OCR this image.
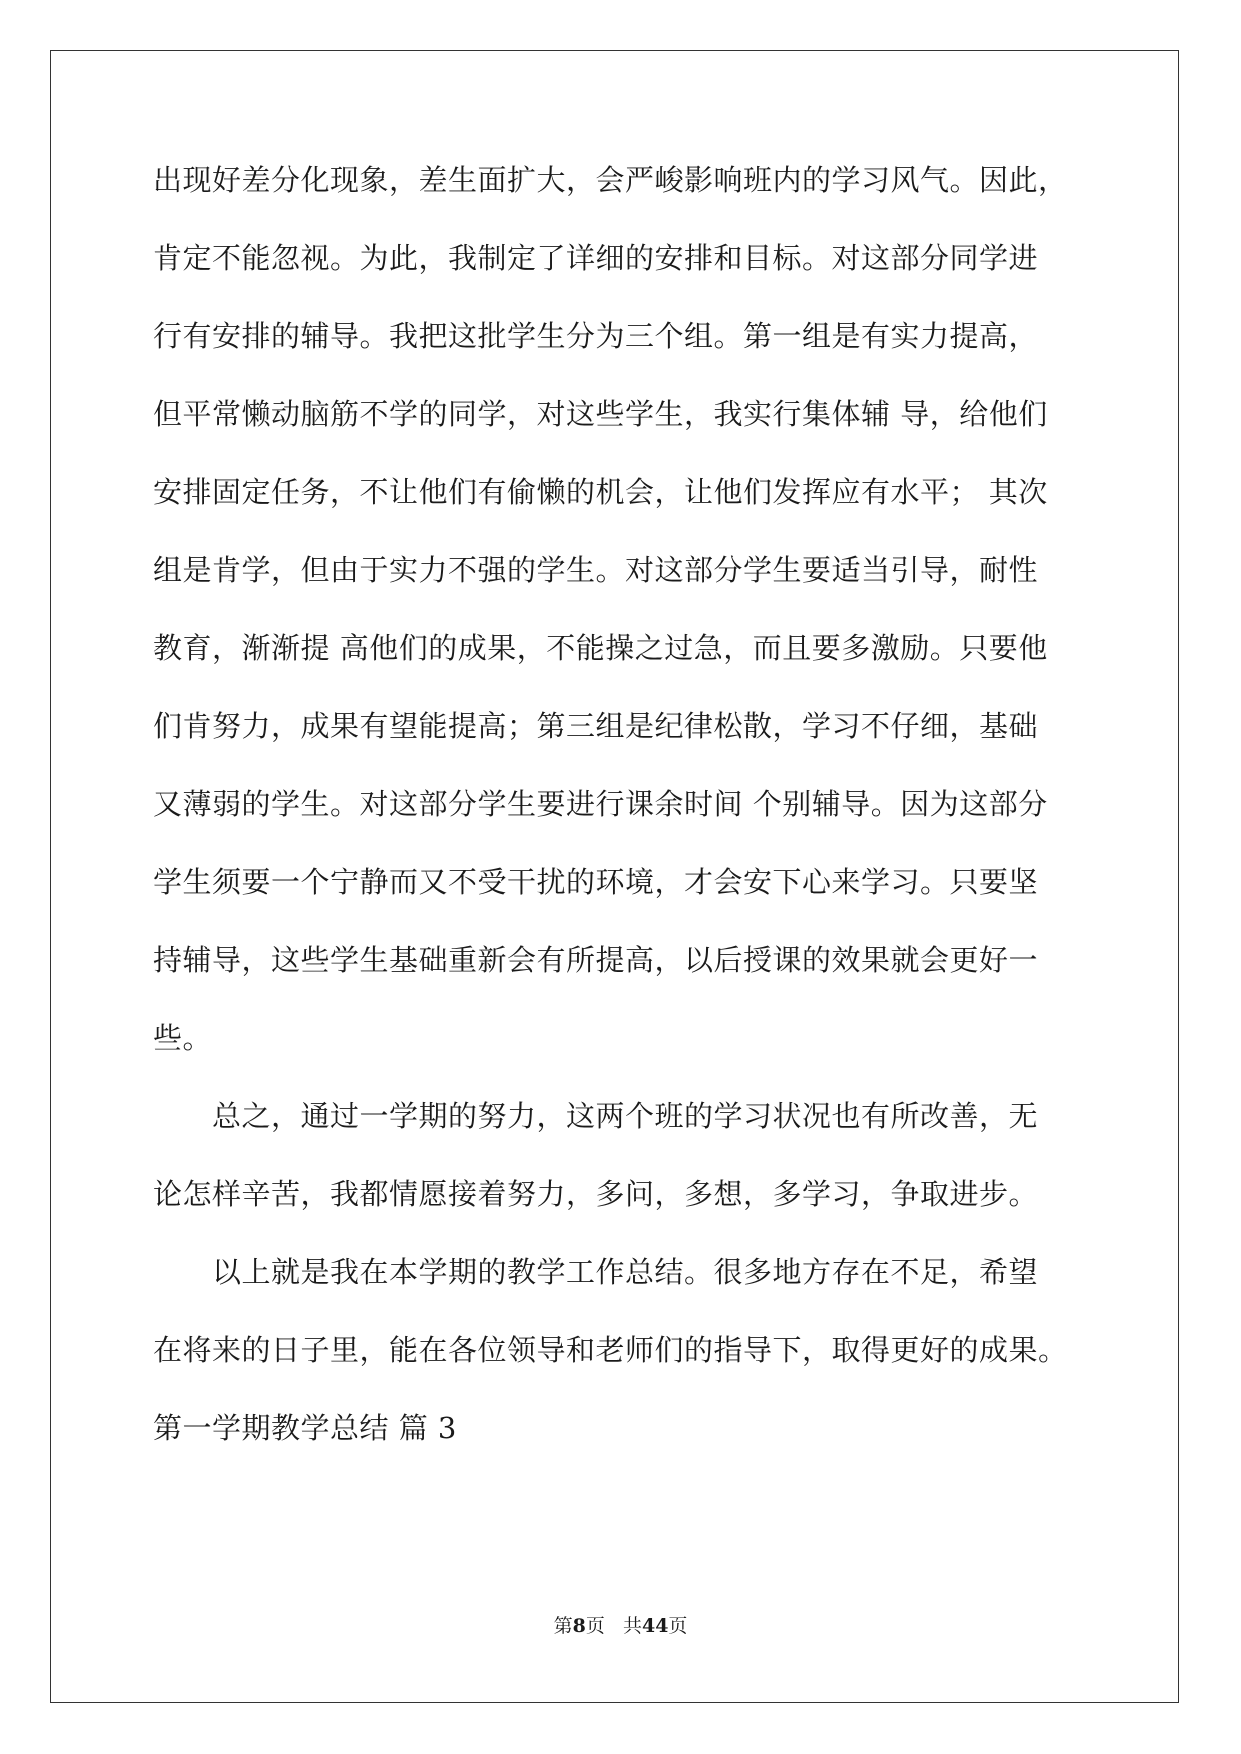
出现好差分化现象，差生面扩大，会严峻影响班内的学习风气。因此，
肯定不能忽视。为此，我制定了详细的安排和目标。对这部分同学进
行有安排的辅导。我把这批学生分为三个组。第一组是有实力提高，
但平常懒动脑筋不学的同学，对这些学生，我实行集体辅 导，给他们
安排固定任务，不让他们有偷懒的机会，让他们发挥应有水平； 其次
组是肯学，但由于实力不强的学生。对这部分学生要适当引导，耐性
教育，渐渐提 高他们的成果，不能操之过急，而且要多激励。只要他
们肯努力，成果有望能提高；第三组是纪律松散，学习不仔细，基础
又薄弱的学生。对这部分学生要进行课余时间 个别辅导。因为这部分
学生须要一个宁静而又不受干扰的环境，才会安下心来学习。只要坚
持辅导，这些学生基础重新会有所提高，以后授课的效果就会更好一
些。
　　总之，通过一学期的努力，这两个班的学习状况也有所改善，无
论怎样辛苦，我都情愿接着努力，多问，多想，多学习，争取进步。
　　以上就是我在本学期的教学工作总结。很多地方存在不足，希望
在将来的日子里，能在各位领导和老师们的指导下，取得更好的成果。
第一学期教学总结 篇 3
第8页 共44页
